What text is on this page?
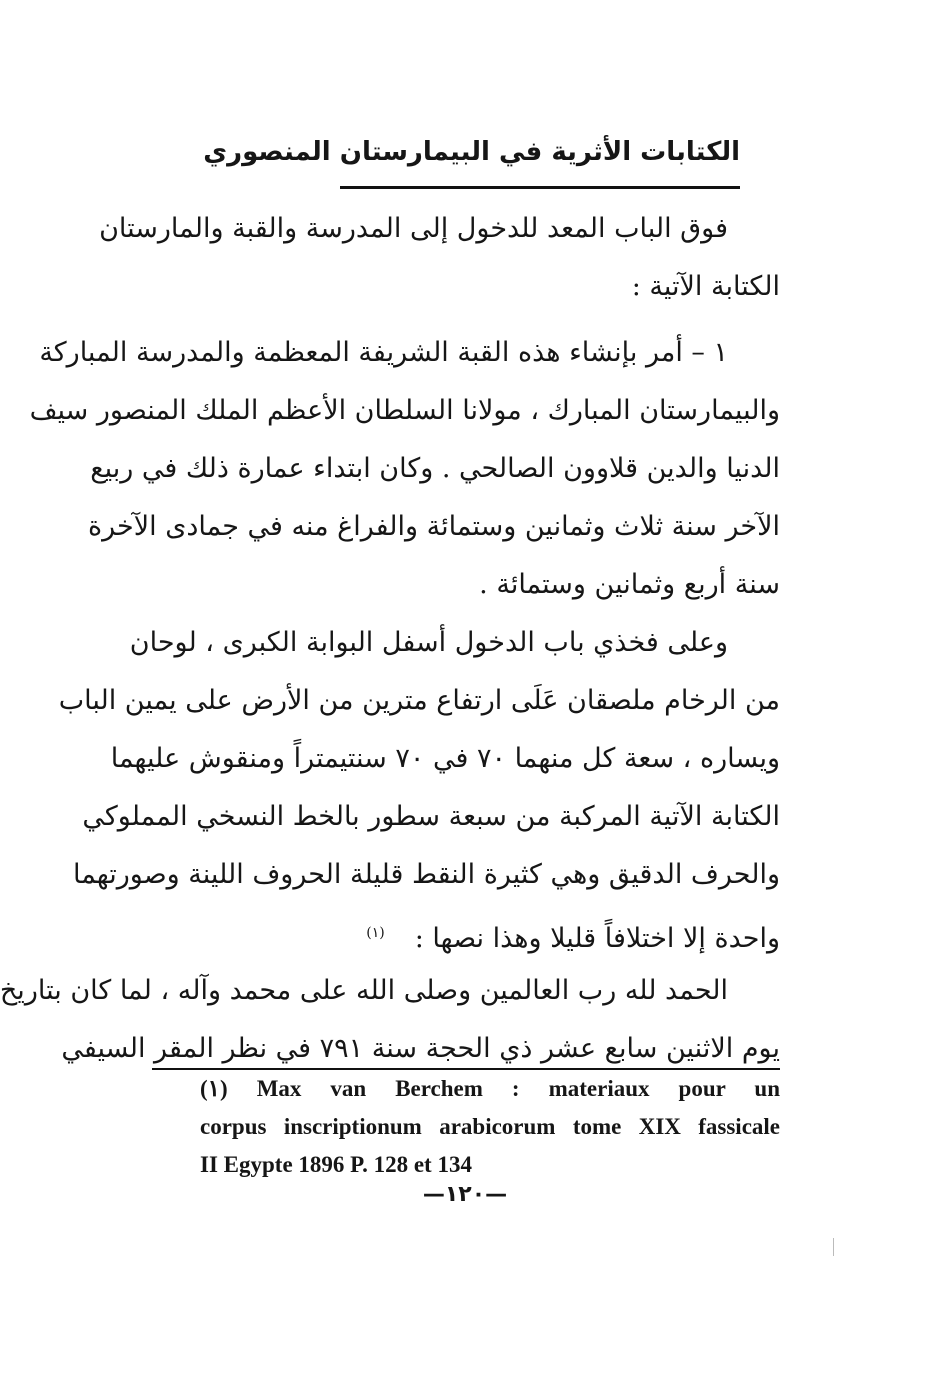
الكتابات الأثرية في البيمارستان المنصوري
فوق الباب المعد للدخول إلى المدرسة والقبة والمارستان
الكتابة الآتية :
١ – أمر بإنشاء هذه القبة الشريفة المعظمة والمدرسة المباركة
والبيمارستان المبارك ، مولانا السلطان الأعظم الملك المنصور سيف
الدنيا والدين قلاوون الصالحي . وكان ابتداء عمارة ذلك في ربيع
الآخر سنة ثلاث وثمانين وستمائة والفراغ منه في جمادى الآخرة
سنة أربع وثمانين وستمائة .
وعلى فخذي باب الدخول أسفل البوابة الكبرى ، لوحان
من الرخام ملصقان عَلَى ارتفاع مترين من الأرض على يمين الباب
ويساره ، سعة كل منهما ٧٠ في ٧٠ سنتيمتراً ومنقوش عليهما
الكتابة الآتية المركبة من سبعة سطور بالخط النسخي المملوكي
والحرف الدقيق وهي كثيرة النقط قليلة الحروف اللينة وصورتهما
واحدة إلا اختلافاً قليلا وهذا نصها :(١)
الحمد لله رب العالمين وصلى الله على محمد وآله ، لما كان بتاريخ
يوم الاثنين سابع عشر ذي الحجة سنة ٧٩١ في نظر المقر السيفي
(١) Max van Berchem : materiaux pour un
corpus inscriptionum arabicorum tome XIX fassicale
II Egypte 1896 P. 128 et 134
—١٢٠—
